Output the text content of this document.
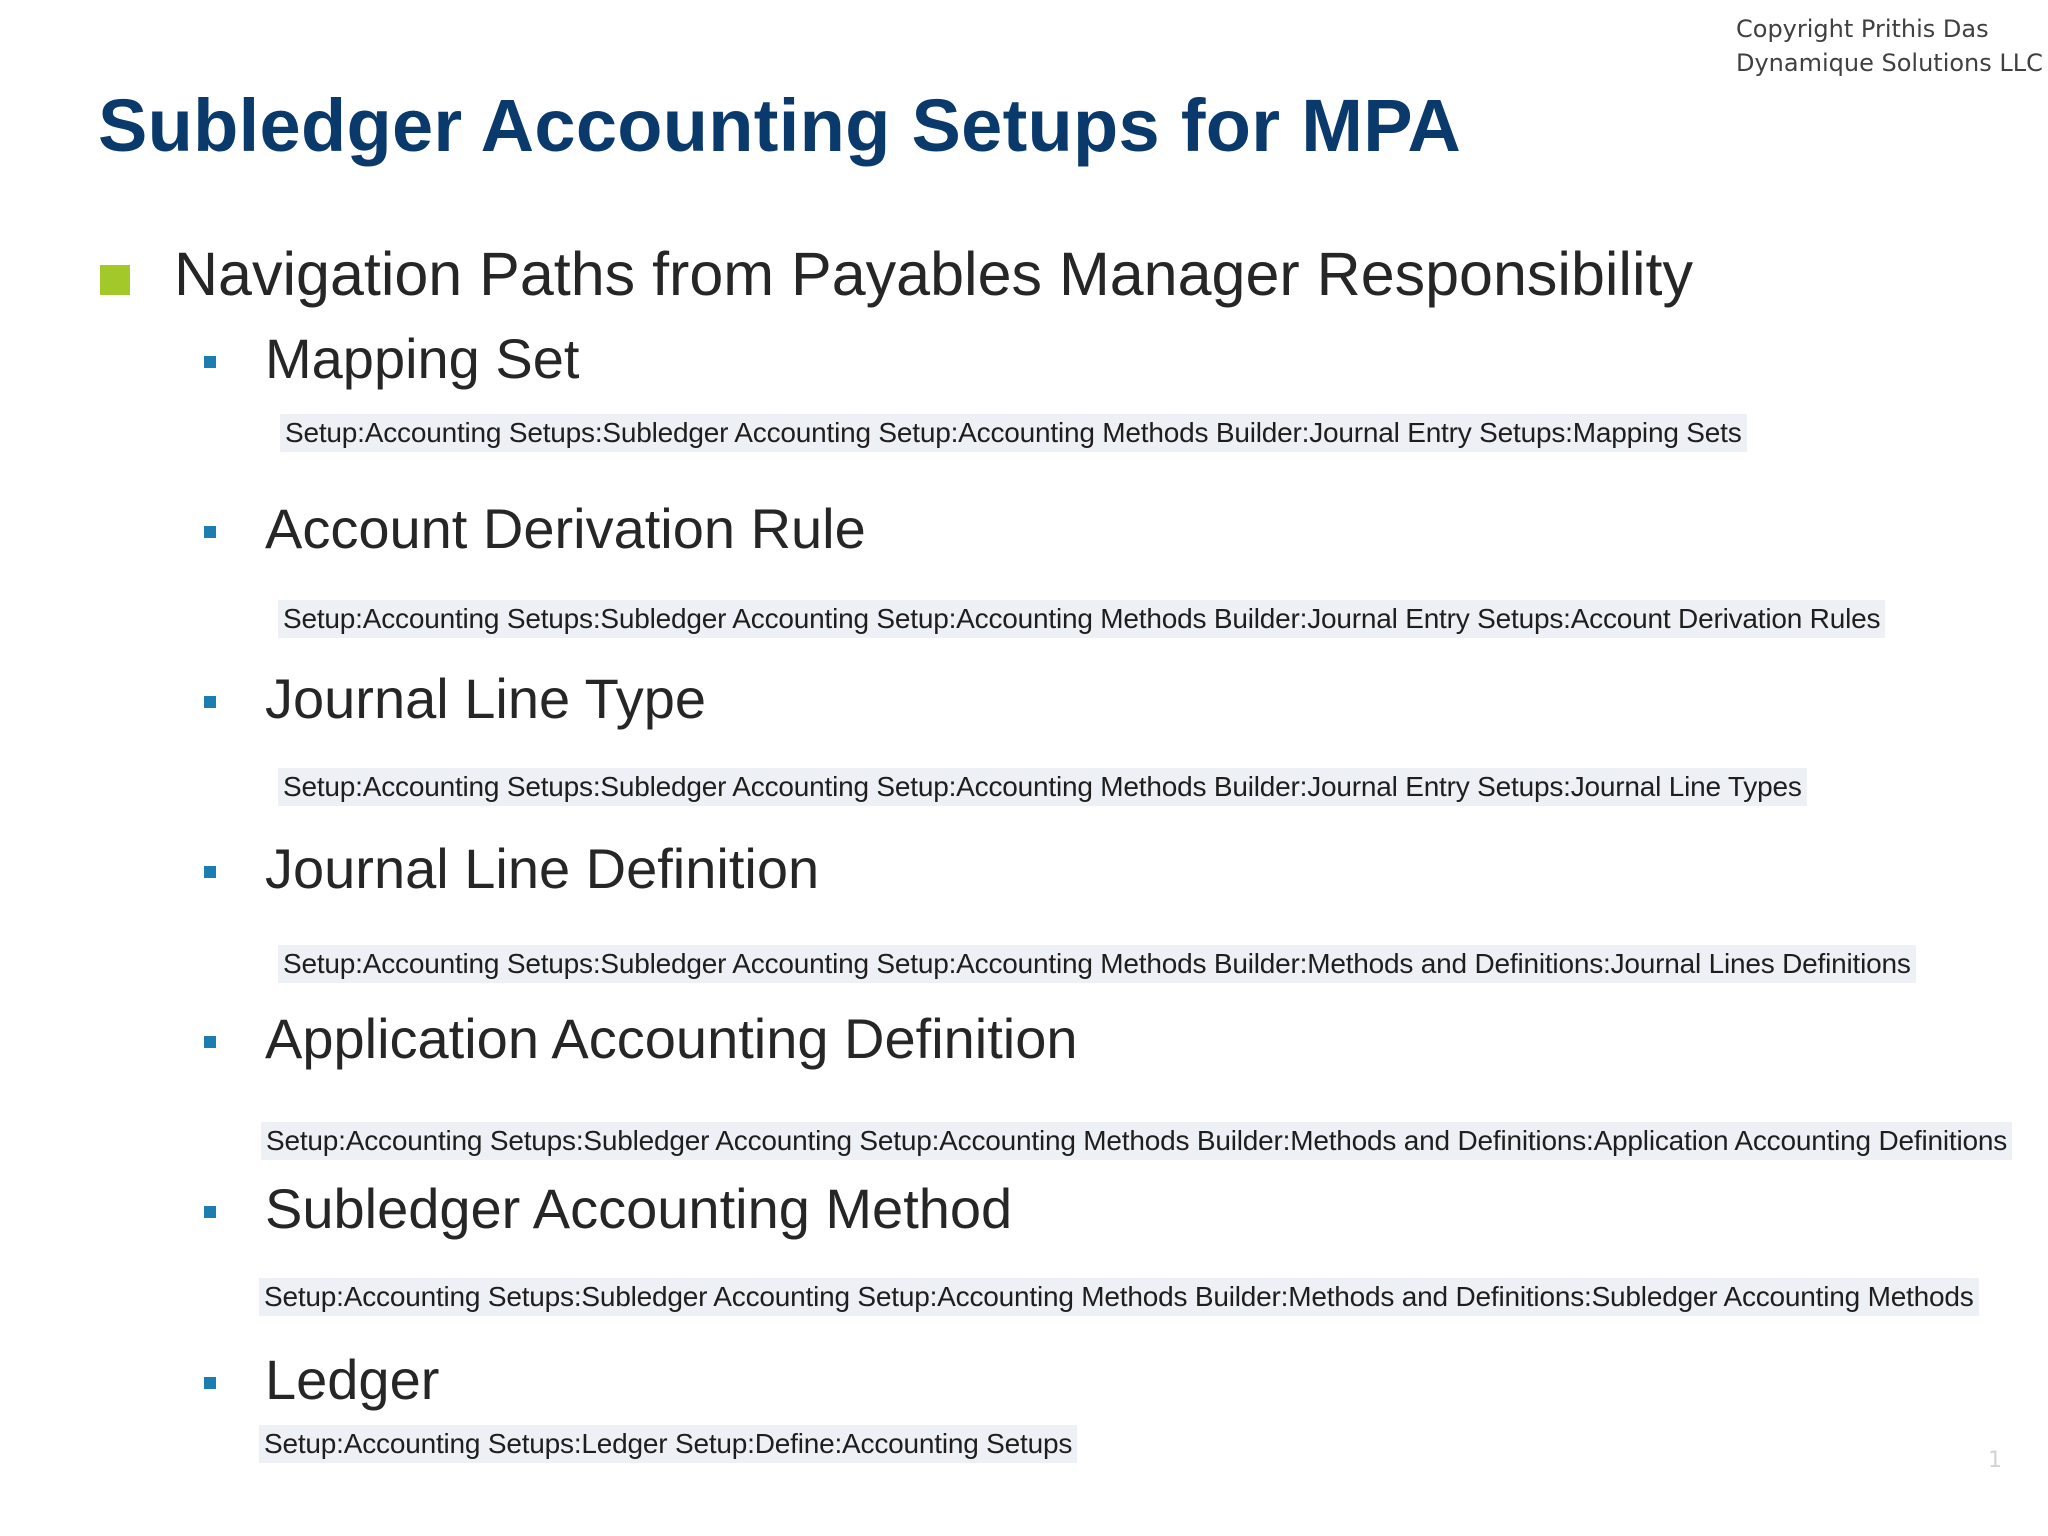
Copyright Prithis Das
Dynamique Solutions LLC
Subledger Accounting Setups for MPA
Navigation Paths from Payables Manager Responsibility
Mapping Set
Setup:Accounting Setups:Subledger Accounting Setup:Accounting Methods Builder:Journal Entry Setups:Mapping Sets
Account Derivation Rule
Setup:Accounting Setups:Subledger Accounting Setup:Accounting Methods Builder:Journal Entry Setups:Account Derivation Rules
Journal Line Type
Setup:Accounting Setups:Subledger Accounting Setup:Accounting Methods Builder:Journal Entry Setups:Journal Line Types
Journal Line Definition
Setup:Accounting Setups:Subledger Accounting Setup:Accounting Methods Builder:Methods and Definitions:Journal Lines Definitions
Application Accounting Definition
Setup:Accounting Setups:Subledger Accounting Setup:Accounting Methods Builder:Methods and Definitions:Application Accounting Definitions
Subledger Accounting Method
Setup:Accounting Setups:Subledger Accounting Setup:Accounting Methods Builder:Methods and Definitions:Subledger Accounting Methods
Ledger
Setup:Accounting Setups:Ledger Setup:Define:Accounting Setups
1
